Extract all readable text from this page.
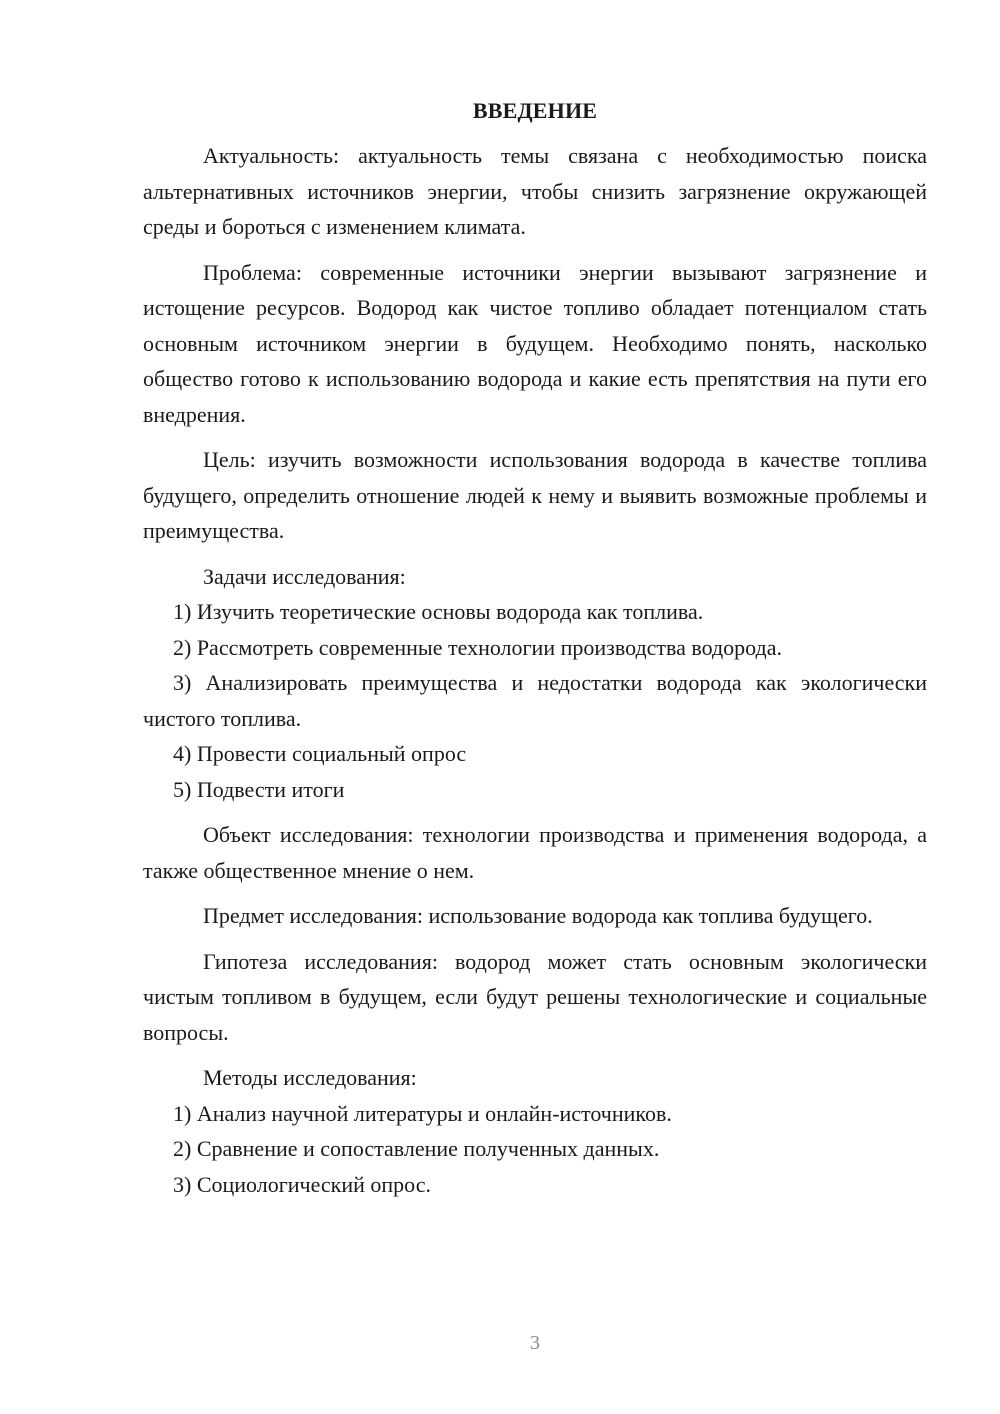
ВВЕДЕНИЕ

Актуальность: актуальность темы связана с необходимостью поиска альтернативных источников энергии, чтобы снизить загрязнение окружающей среды и бороться с изменением климата.

Проблема: современные источники энергии вызывают загрязнение и истощение ресурсов. Водород как чистое топливо обладает потенциалом стать основным источником энергии в будущем. Необходимо понять, насколько общество готово к использованию водорода и какие есть препятствия на пути его внедрения.

Цель: изучить возможности использования водорода в качестве топлива будущего, определить отношение людей к нему и выявить возможные проблемы и преимущества.

Задачи исследования:

1) Изучить теоретические основы водорода как топлива.

2) Рассмотреть современные технологии производства водорода.

3) Анализировать преимущества и недостатки водорода как экологически чистого топлива.

4) Провести социальный опрос

5) Подвести итоги

Объект исследования: технологии производства и применения водорода, а также общественное мнение о нем.

Предмет исследования: использование водорода как топлива будущего.

Гипотеза исследования: водород может стать основным экологически чистым топливом в будущем, если будут решены технологические и социальные вопросы.

Методы исследования:

1) Анализ научной литературы и онлайн-источников.

2) Сравнение и сопоставление полученных данных.

3) Социологический опрос.

3
